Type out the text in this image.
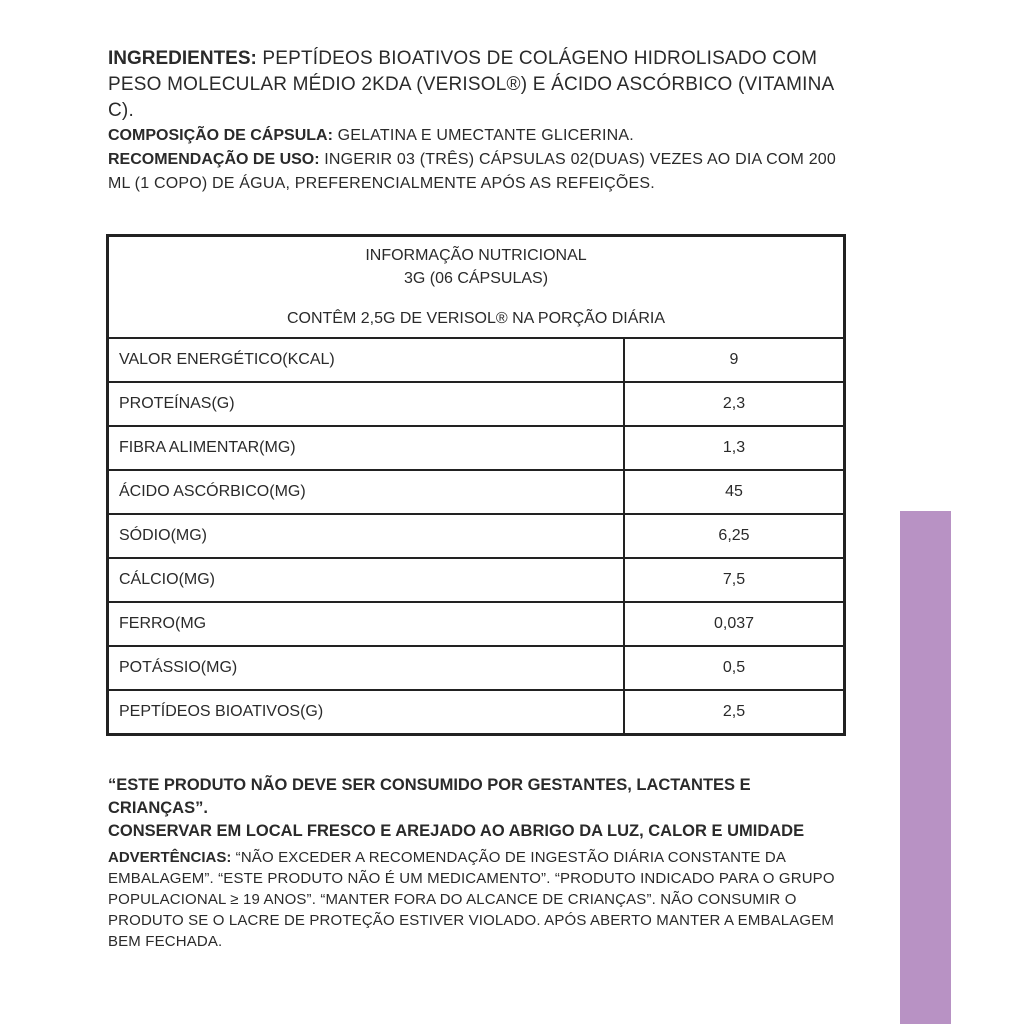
INGREDIENTES: PEPTÍDEOS BIOATIVOS DE COLÁGENO HIDROLISADO COM PESO MOLECULAR MÉDIO 2KDA (VERISOL®) E ÁCIDO ASCÓRBICO (VITAMINA C).

COMPOSIÇÃO DE CÁPSULA: GELATINA E UMECTANTE GLICERINA.

RECOMENDAÇÃO DE USO: INGERIR 03 (TRÊS) CÁPSULAS 02(DUAS) VEZES AO DIA COM 200 ML (1 COPO) DE ÁGUA, PREFERENCIALMENTE APÓS AS REFEIÇÕES.

INFORMAÇÃO NUTRICIONAL
3G (06 CÁPSULAS)
CONTÊM 2,5G DE VERISOL® NA PORÇÃO DIÁRIA	

VALOR ENERGÉTICO(KCAL)	9
PROTEÍNAS(G)	2,3
FIBRA ALIMENTAR(MG)	1,3
ÁCIDO ASCÓRBICO(MG)	45
SÓDIO(MG)	6,25
CÁLCIO(MG)	7,5
FERRO(MG	0,037
POTÁSSIO(MG)	0,5
PEPTÍDEOS BIOATIVOS(G)	2,5

“ESTE PRODUTO NÃO DEVE SER CONSUMIDO POR GESTANTES, LACTANTES E CRIANÇAS”.

CONSERVAR EM LOCAL FRESCO E AREJADO AO ABRIGO DA LUZ, CALOR E UMIDADE

ADVERTÊNCIAS: “NÃO EXCEDER A RECOMENDAÇÃO DE INGESTÃO DIÁRIA CONSTANTE DA EMBALAGEM”. “ESTE PRODUTO NÃO É UM MEDICAMENTO”. “PRODUTO INDICADO PARA O GRUPO POPULACIONAL ≥ 19 ANOS”. “MANTER FORA DO ALCANCE DE CRIANÇAS”. NÃO CONSUMIR O PRODUTO SE O LACRE DE PROTEÇÃO ESTIVER VIOLADO. APÓS ABERTO MANTER A EMBALAGEM BEM FECHADA.
